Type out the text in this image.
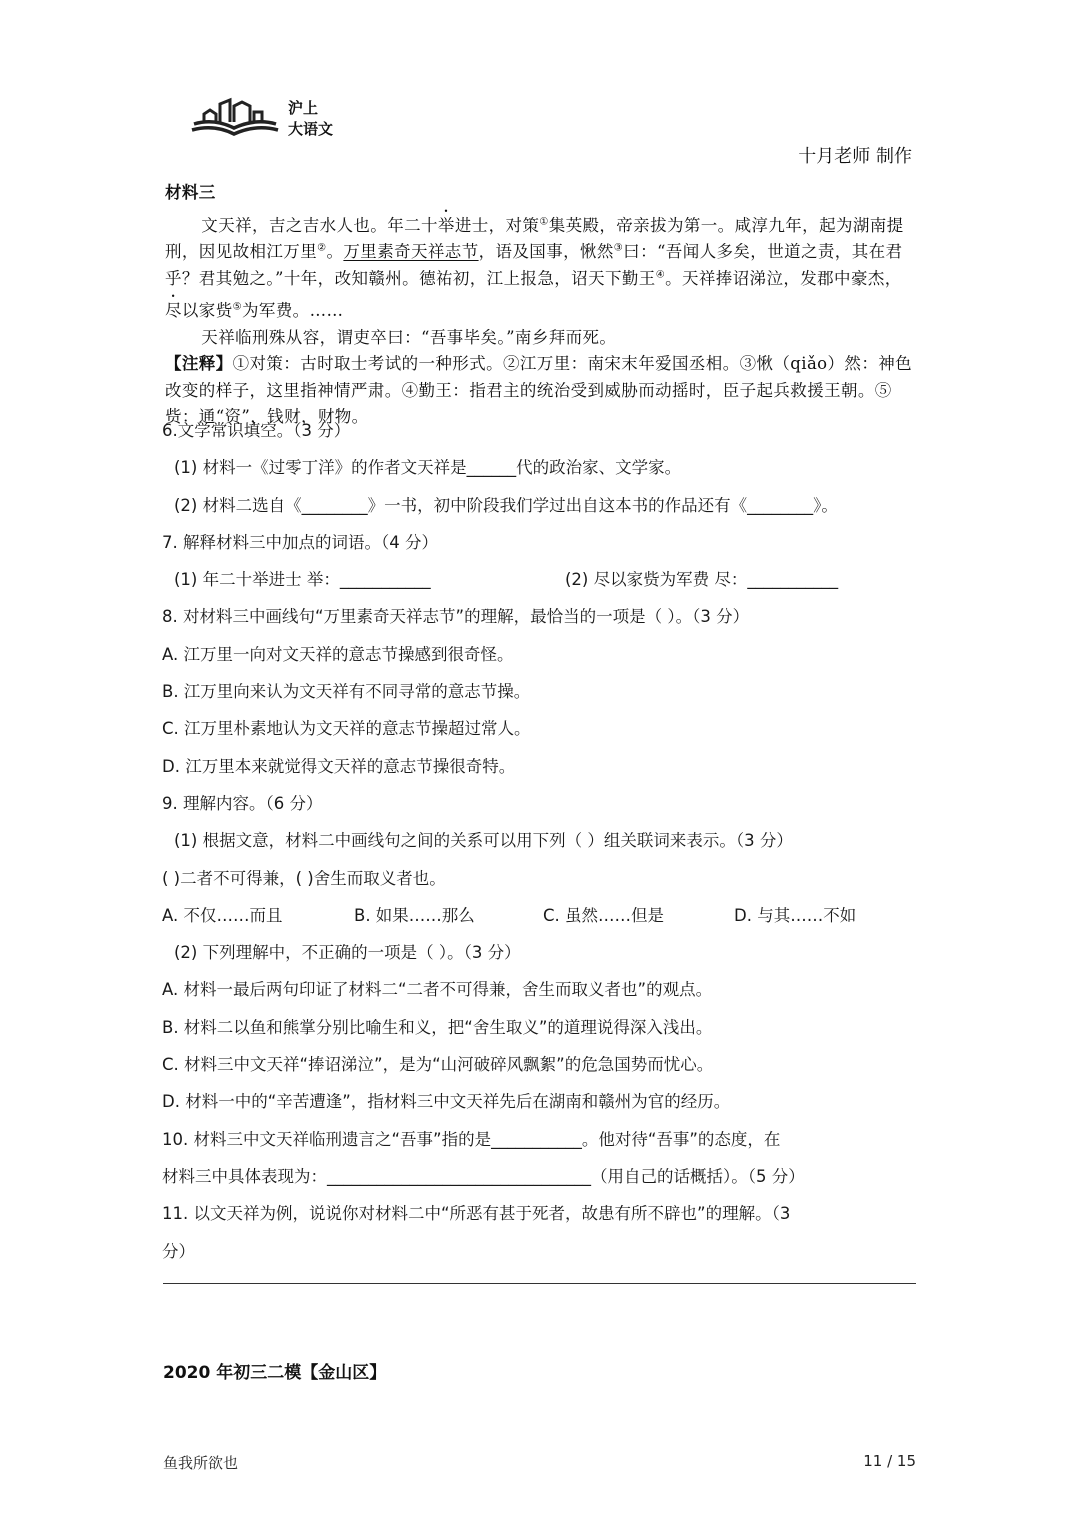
沪上
大语文
十月老师 制作

材料三

文天祥，吉之吉水人也。年二十举进士，对策①集英殿，帝亲拔为第一。咸淳九年，起为湖南提刑，因见故相江万里②。万里素奇天祥志节，语及国事，愀然③曰：“吾闻人多矣，世道之责，其在君乎？君其勉之。”十年，改知赣州。德祐初，江上报急，诏天下勤王④。天祥捧诏涕泣，发郡中豪杰，尽以家赀⑤为军费。……

天祥临刑殊从容，谓吏卒曰：“吾事毕矣。”南乡拜而死。

【注释】①对策：古时取士考试的一种形式。②江万里：南宋末年爱国丞相。③愀（qiǎo）然：神色改变的样子，这里指神情严肃。④勤王：指君主的统治受到威胁而动摇时，臣子起兵救援王朝。⑤赀：通“资”，钱财，财物。

6.文学常识填空。（3 分）

(1) 材料一《过零丁洋》的作者文天祥是______代的政治家、文学家。

(2) 材料二选自《________》一书，初中阶段我们学过出自这本书的作品还有《________》。

7. 解释材料三中加点的词语。（4 分）

(1) 年二十举进士 举：___________	(2) 尽以家赀为军费 尽：___________

8. 对材料三中画线句“万里素奇天祥志节”的理解，最恰当的一项是（ ）。（3 分）

A. 江万里一向对文天祥的意志节操感到很奇怪。

B. 江万里向来认为文天祥有不同寻常的意志节操。

C. 江万里朴素地认为文天祥的意志节操超过常人。

D. 江万里本来就觉得文天祥的意志节操很奇特。

9. 理解内容。（6 分）

(1) 根据文意，材料二中画线句之间的关系可以用下列（ ）组关联词来表示。（3 分）

( )二者不可得兼，( )舍生而取义者也。

A. 不仅……而且	B. 如果……那么	C. 虽然……但是	D. 与其……不如

(2) 下列理解中，不正确的一项是（ ）。（3 分）

A. 材料一最后两句印证了材料二“二者不可得兼，舍生而取义者也”的观点。

B. 材料二以鱼和熊掌分别比喻生和义，把“舍生取义”的道理说得深入浅出。

C. 材料三中文天祥“捧诏涕泣”，是为“山河破碎风飘絮”的危急国势而忧心。

D. 材料一中的“辛苦遭逢”，指材料三中文天祥先后在湖南和赣州为官的经历。

10. 材料三中文天祥临刑遗言之“吾事”指的是___________。他对待“吾事”的态度，在

材料三中具体表现为：________________________________（用自己的话概括）。（5 分）

11. 以文天祥为例，说说你对材料二中“所恶有甚于死者，故患有所不辟也”的理解。（3

分）

2020 年初三二模【金山区】
鱼我所欲也	11 / 15
